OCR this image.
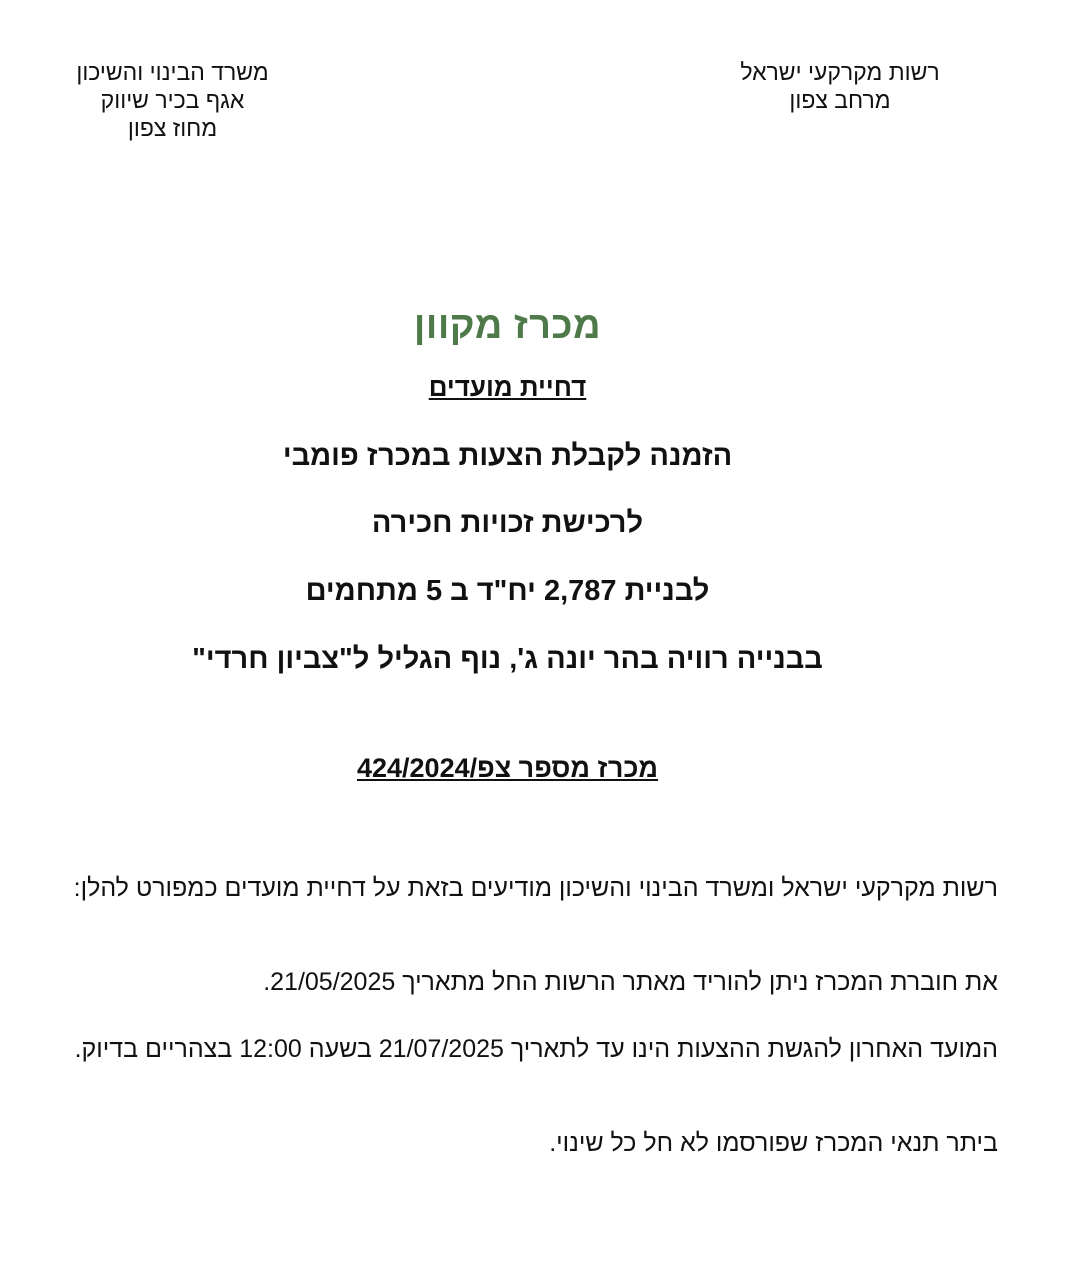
רשות מקרקעי ישראל
מרחב צפון
משרד הבינוי והשיכון
אגף בכיר שיווק
מחוז צפון
מכרז מקוון
דחיית מועדים
הזמנה לקבלת הצעות במכרז פומבי
לרכישת זכויות חכירה
לבניית 2,787 יח"ד ב 5 מתחמים
בבנייה רוויה בהר יונה ג', נוף הגליל ל"צביון חרדי"
מכרז מספר צפ/424/2024
רשות מקרקעי ישראל ומשרד הבינוי והשיכון מודיעים בזאת על דחיית מועדים כמפורט להלן:
את חוברת המכרז ניתן להוריד מאתר הרשות החל מתאריך 21/05/2025.
המועד האחרון להגשת ההצעות הינו עד לתאריך 21/07/2025 בשעה 12:00 בצהריים בדיוק.
ביתר תנאי המכרז שפורסמו לא חל כל שינוי.
